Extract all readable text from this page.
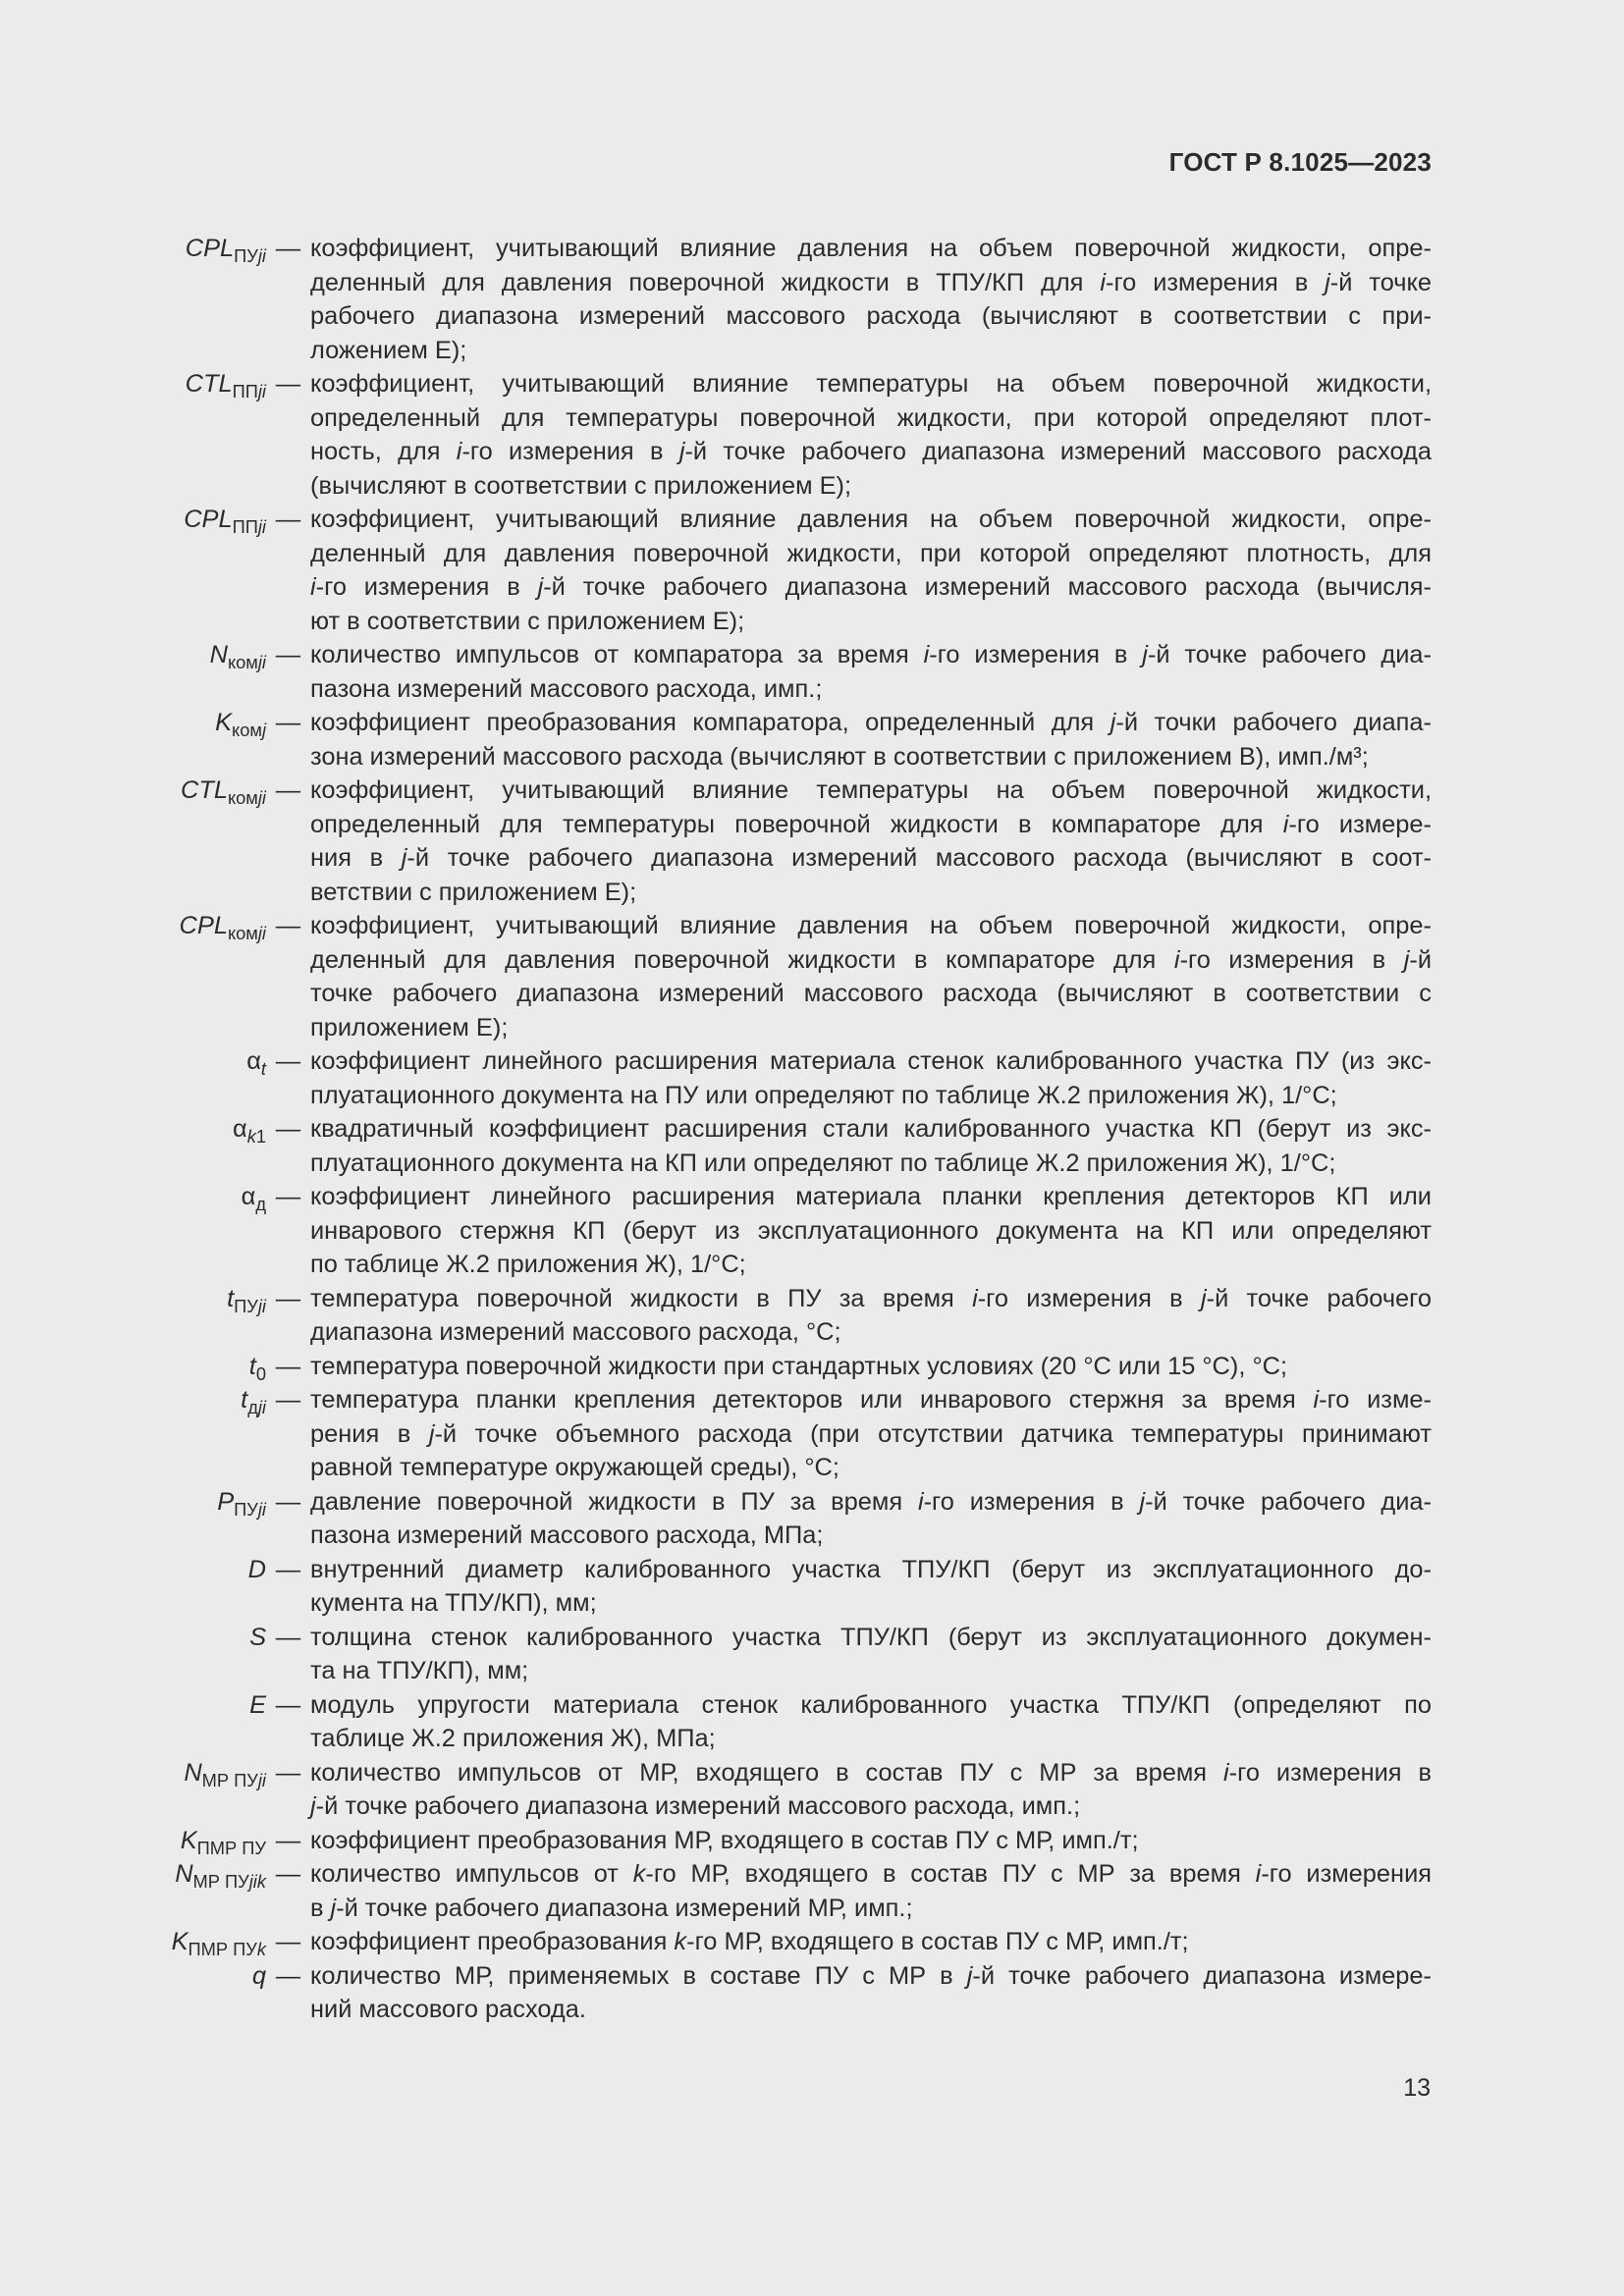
ГОСТ Р 8.1025—2023
$CPL_{ПУji}$ — коэффициент, учитывающий влияние давления на объем поверочной жидкости, опре-
деленный для давления поверочной жидкости в ТПУ/КП для i-го измерения в j-й точке
рабочего диапазона измерений массового расхода (вычисляют в соответствии с при-
ложением Е);
$CTL_{ППji}$ — коэффициент, учитывающий влияние температуры на объем поверочной жидкости,
определенный для температуры поверочной жидкости, при которой определяют плот-
ность, для i-го измерения в j-й точке рабочего диапазона измерений массового расхода
(вычисляют в соответствии с приложением Е);
$CPL_{ППji}$ — коэффициент, учитывающий влияние давления на объем поверочной жидкости, опре-
деленный для давления поверочной жидкости, при которой определяют плотность, для
i-го измерения в j-й точке рабочего диапазона измерений массового расхода (вычисля-
ют в соответствии с приложением Е);
$N_{комji}$ — количество импульсов от компаратора за время i-го измерения в j-й точке рабочего диа-
пазона измерений массового расхода, имп.;
$K_{комj}$ — коэффициент преобразования компаратора, определенный для j-й точки рабочего диапа-
зона измерений массового расхода (вычисляют в соответствии с приложением В), имп./м³;
$CTL_{комji}$ — коэффициент, учитывающий влияние температуры на объем поверочной жидкости,
определенный для температуры поверочной жидкости в компараторе для i-го измере-
ния в j-й точке рабочего диапазона измерений массового расхода (вычисляют в соот-
ветствии с приложением Е);
$CPL_{комji}$ — коэффициент, учитывающий влияние давления на объем поверочной жидкости, опре-
деленный для давления поверочной жидкости в компараторе для i-го измерения в j-й
точке рабочего диапазона измерений массового расхода (вычисляют в соответствии с
приложением Е);
$\alpha_t$ — коэффициент линейного расширения материала стенок калиброванного участка ПУ (из экс-
плуатационного документа на ПУ или определяют по таблице Ж.2 приложения Ж), 1/°С;
$\alpha_{k1}$ — квадратичный коэффициент расширения стали калиброванного участка КП (берут из экс-
плуатационного документа на КП или определяют по таблице Ж.2 приложения Ж), 1/°С;
$\alpha_д$ — коэффициент линейного расширения материала планки крепления детекторов КП или
инварового стержня КП (берут из эксплуатационного документа на КП или определяют
по таблице Ж.2 приложения Ж), 1/°С;
$t_{ПУji}$ — температура поверочной жидкости в ПУ за время i-го измерения в j-й точке рабочего
диапазона измерений массового расхода, °С;
$t_0$ — температура поверочной жидкости при стандартных условиях (20 °С или 15 °С), °С;
$t_{дji}$ — температура планки крепления детекторов или инварового стержня за время i-го изме-
рения в j-й точке объемного расхода (при отсутствии датчика температуры принимают
равной температуре окружающей среды), °С;
$P_{ПУji}$ — давление поверочной жидкости в ПУ за время i-го измерения в j-й точке рабочего диа-
пазона измерений массового расхода, МПа;
D — внутренний диаметр калиброванного участка ТПУ/КП (берут из эксплуатационного до-
кумента на ТПУ/КП), мм;
S — толщина стенок калиброванного участка ТПУ/КП (берут из эксплуатационного докумен-
та на ТПУ/КП), мм;
E — модуль упругости материала стенок калиброванного участка ТПУ/КП (определяют по
таблице Ж.2 приложения Ж), МПа;
$N_{МР ПУji}$ — количество импульсов от МР, входящего в состав ПУ с МР за время i-го измерения в
j-й точке рабочего диапазона измерений массового расхода, имп.;
$K_{ПМР ПУ}$ — коэффициент преобразования МР, входящего в состав ПУ с МР, имп./т;
$N_{МР ПУjik}$ — количество импульсов от k-го МР, входящего в состав ПУ с МР за время i-го измерения
в j-й точке рабочего диапазона измерений МР, имп.;
$K_{ПМР ПУk}$ — коэффициент преобразования k-го МР, входящего в состав ПУ с МР, имп./т;
q — количество МР, применяемых в составе ПУ с МР в j-й точке рабочего диапазона измере-
ний массового расхода.
13
